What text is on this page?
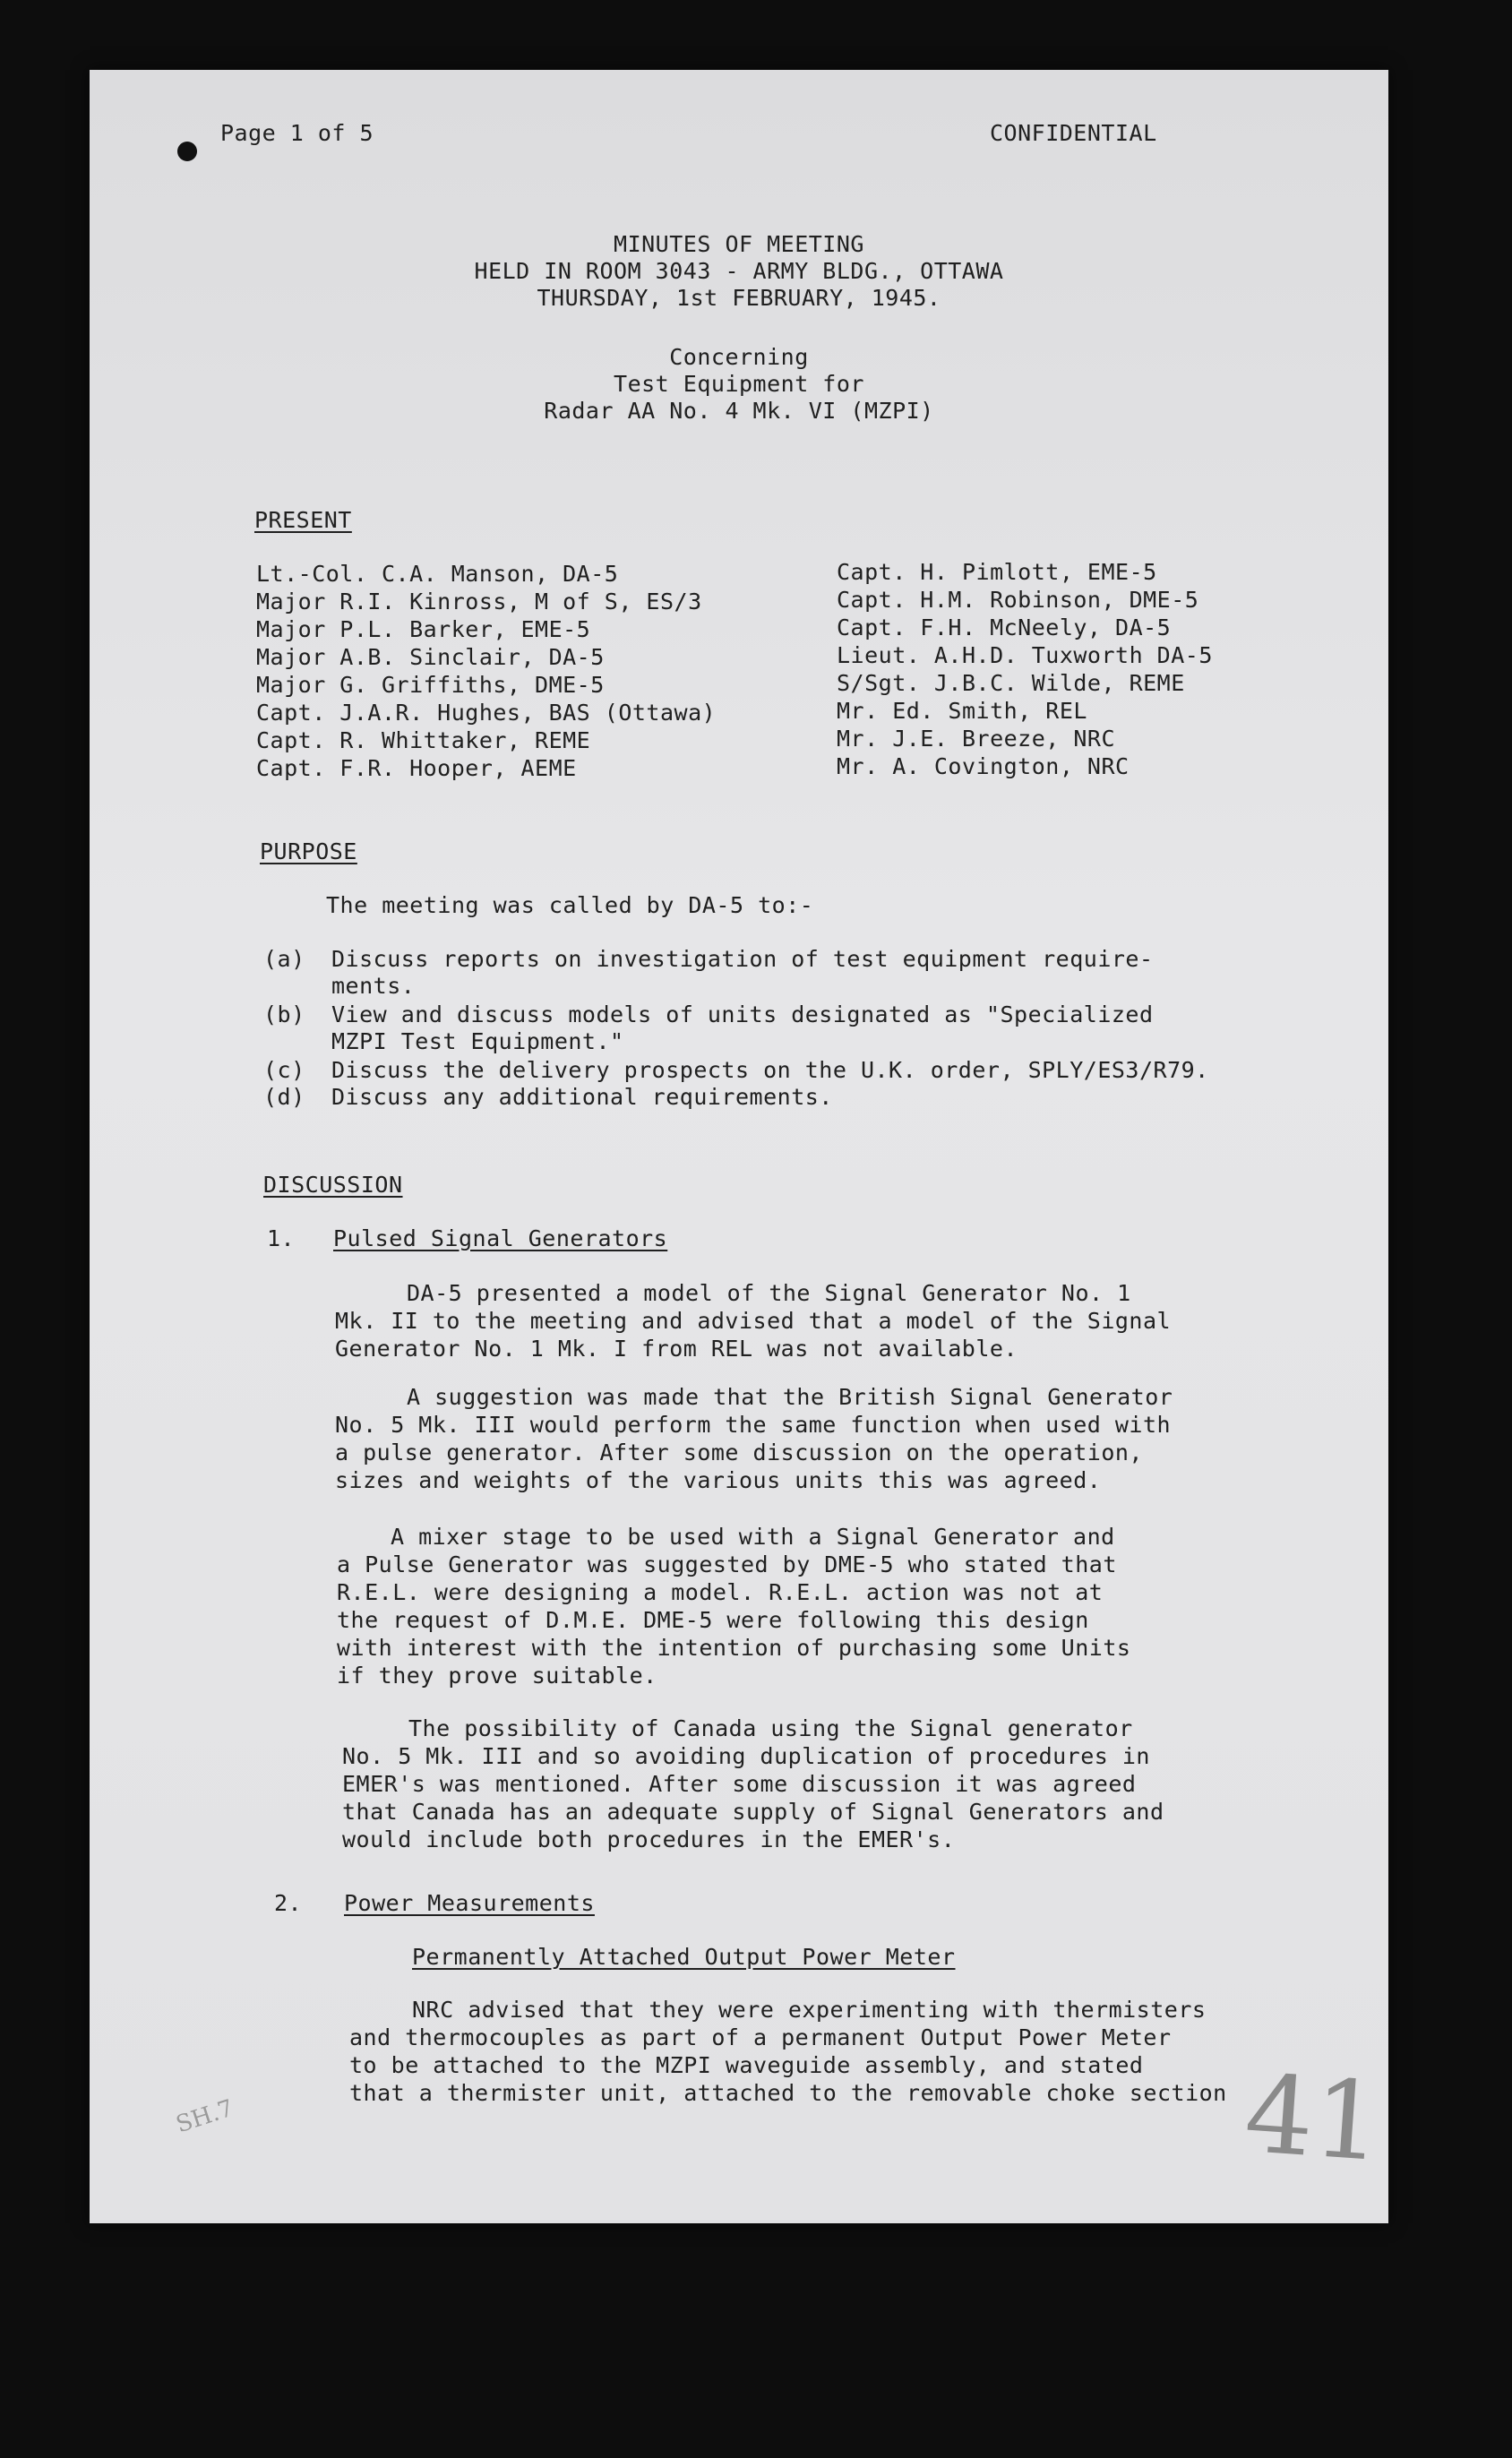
Page 1 of 5	CONFIDENTIAL
MINUTES OF MEETING
HELD IN ROOM 3043 - ARMY BLDG., OTTAWA
THURSDAY, 1st FEBRUARY, 1945.
Concerning
Test Equipment for
Radar AA No. 4 Mk. VI (MZPI)
PRESENT
Lt.-Col. C.A. Manson, DA-5
Major R.I. Kinross, M of S, ES/3
Major P.L. Barker, EME-5
Major A.B. Sinclair, DA-5
Major G. Griffiths, DME-5
Capt. J.A.R. Hughes, BAS (Ottawa)
Capt. R. Whittaker, REME
Capt. F.R. Hooper, AEME
Capt. H. Pimlott, EME-5
Capt. H.M. Robinson, DME-5
Capt. F.H. McNeely, DA-5
Lieut. A.H.D. Tuxworth DA-5
S/Sgt. J.B.C. Wilde, REME
Mr. Ed. Smith, REL
Mr. J.E. Breeze, NRC
Mr. A. Covington, NRC
PURPOSE
The meeting was called by DA-5 to:-
(a) Discuss reports on investigation of test equipment require-
ments.
(b) View and discuss models of units designated as "Specialized
MZPI Test Equipment."
(c) Discuss the delivery prospects on the U.K. order, SPLY/ES3/R79.
(d) Discuss any additional requirements.
DISCUSSION
1. Pulsed Signal Generators
DA-5 presented a model of the Signal Generator No. 1
Mk. II to the meeting and advised that a model of the Signal
Generator No. 1 Mk. I from REL was not available.
A suggestion was made that the British Signal Generator
No. 5 Mk. III would perform the same function when used with
a pulse generator. After some discussion on the operation,
sizes and weights of the various units this was agreed.
A mixer stage to be used with a Signal Generator and
a Pulse Generator was suggested by DME-5 who stated that
R.E.L. were designing a model. R.E.L. action was not at
the request of D.M.E. DME-5 were following this design
with interest with the intention of purchasing some Units
if they prove suitable.
The possibility of Canada using the Signal generator
No. 5 Mk. III and so avoiding duplication of procedures in
EMER's was mentioned. After some discussion it was agreed
that Canada has an adequate supply of Signal Generators and
would include both procedures in the EMER's.
2. Power Measurements
Permanently Attached Output Power Meter
NRC advised that they were experimenting with thermisters
and thermocouples as part of a permanent Output Power Meter
to be attached to the MZPI waveguide assembly, and stated
that a thermister unit, attached to the removable choke section 41
SH.7
